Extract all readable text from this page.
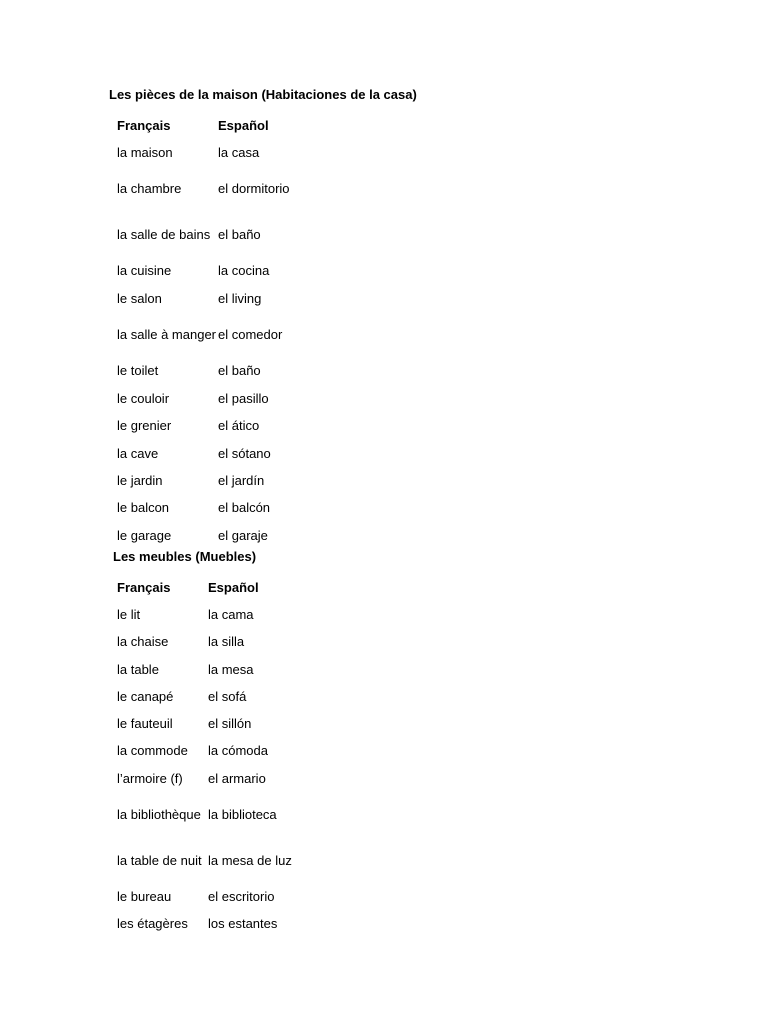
Les pièces de la maison (Habitaciones de la casa)
Français	Español
la maison	la casa
la chambre	el dormitorio
la salle de bains	el baño
la cuisine	la cocina
le salon	el living
la salle à manger	el comedor
le toilet	el baño
le couloir	el pasillo
le grenier	el ático
la cave	el sótano
le jardin	el jardín
le balcon	el balcón
le garage	el garaje
Les meubles (Muebles)
Français	Español
le lit	la cama
la chaise	la silla
la table	la mesa
le canapé	el sofá
le fauteuil	el sillón
la commode	la cómoda
l’armoire (f)	el armario
la bibliothèque	la biblioteca
la table de nuit	la mesa de luz
le bureau	el escritorio
les étagères	los estantes
